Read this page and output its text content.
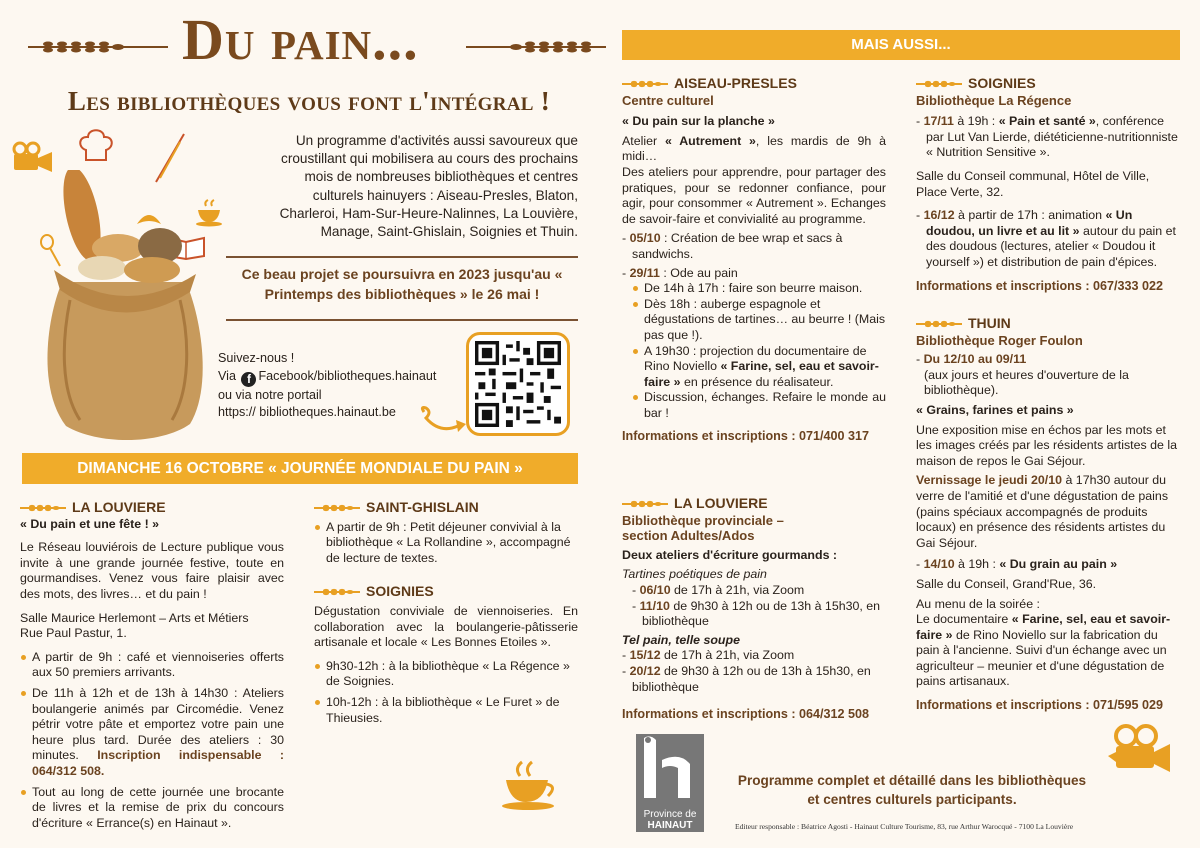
Du pain...
Les bibliothèques vous font l'intégral !
Un programme d'activités aussi savoureux que croustillant qui mobilisera au cours des prochains mois de nombreuses bibliothèques et centres culturels hainuyers : Aiseau-Presles, Blaton, Charleroi, Ham-Sur-Heure-Nalinnes, La Louvière, Manage, Saint-Ghislain, Soignies et Thuin.
Ce beau projet se poursuivra en 2023 jusqu'au « Printemps des bibliothèques » le 26 mai !
Suivez-nous !
Via f Facebook/bibliotheques.hainaut
ou via notre portail
https:// bibliotheques.hainaut.be
DIMANCHE 16 OCTOBRE « JOURNÉE MONDIALE DU PAIN »
LA LOUVIERE
« Du pain et une fête ! »
Le Réseau louviérois de Lecture publique vous invite à une grande journée festive, toute en gourmandises. Venez vous faire plaisir avec des mots, des livres… et du pain !
Salle Maurice Herlemont – Arts et Métiers
Rue Paul Pastur, 1.
A partir de 9h : café et viennoiseries offerts aux 50 premiers arrivants.
De 11h à 12h et de 13h à 14h30 : Ateliers boulangerie animés par Circomédie. Venez pétrir votre pâte et emportez votre pain une heure plus tard. Durée des ateliers : 30 minutes. Inscription indispensable : 064/312 508.
Tout au long de cette journée une brocante de livres et la remise de prix du concours d'écriture « Errance(s) en Hainaut ».
SAINT-GHISLAIN
A partir de 9h : Petit déjeuner convivial à la bibliothèque « La Rollandine », accompagné de lecture de textes.
SOIGNIES
Dégustation conviviale de viennoiseries. En collaboration avec la boulangerie-pâtisserie artisanale et locale « Les Bonnes Etoiles ».
9h30-12h : à la bibliothèque « La Régence » de Soignies.
10h-12h : à la bibliothèque « Le Furet » de Thieusies.
MAIS AUSSI...
AISEAU-PRESLES
Centre culturel
« Du pain sur la planche »
Atelier « Autrement », les mardis de 9h à midi…
Des ateliers pour apprendre, pour partager des pratiques, pour se redonner confiance, pour agir, pour consommer « Autrement ». Echanges de savoir-faire et convivialité au programme.
- 05/10 : Création de bee wrap et sacs à sandwichs.
- 29/11 : Ode au pain
De 14h à 17h : faire son beurre maison.
Dès 18h : auberge espagnole et dégustations de tartines… au beurre ! (Mais pas que !).
A 19h30 : projection du documentaire de Rino Noviello « Farine, sel, eau et savoir-faire » en présence du réalisateur.
Discussion, échanges. Refaire le monde au bar !
Informations et inscriptions : 071/400 317
LA LOUVIERE
Bibliothèque provinciale –
section Adultes/Ados
Deux ateliers d'écriture gourmands :
Tartines poétiques de pain
- 06/10 de 17h à 21h, via Zoom
- 11/10 de 9h30 à 12h ou de 13h à 15h30, en bibliothèque
Tel pain, telle soupe
- 15/12 de 17h à 21h, via Zoom
- 20/12 de 9h30 à 12h ou de 13h à 15h30, en bibliothèque
Informations et inscriptions : 064/312 508
SOIGNIES
Bibliothèque La Régence
- 17/11 à 19h : « Pain et santé », conférence par Lut Van Lierde, diététicienne-nutritionniste « Nutrition Sensitive ».
Salle du Conseil communal, Hôtel de Ville, Place Verte, 32.
- 16/12 à partir de 17h : animation « Un doudou, un livre et au lit » autour du pain et des doudous (lectures, atelier « Doudou it yourself ») et distribution de pain d'épices.
Informations et inscriptions : 067/333 022
THUIN
Bibliothèque Roger Foulon
- Du 12/10 au 09/11
(aux jours et heures d'ouverture de la bibliothèque).
« Grains, farines et pains »
Une exposition mise en échos par les mots et les images créés par les résidents artistes de la maison de repos le Gai Séjour.
Vernissage le jeudi 20/10 à 17h30 autour du verre de l'amitié et d'une dégustation de pains (pains spéciaux accompagnés de produits locaux) en présence des résidents artistes du Gai Séjour.
- 14/10 à 19h : « Du grain au pain »
Salle du Conseil, Grand'Rue, 36.
Au menu de la soirée :
Le documentaire « Farine, sel, eau et savoir-faire » de Rino Noviello sur la fabrication du pain à l'ancienne. Suivi d'un échange avec un agriculteur – meunier et d'une dégustation de pains artisanaux.
Informations et inscriptions : 071/595 029
Province de
HAINAUT
Programme complet et détaillé dans les bibliothèques
et centres culturels participants.
Editeur responsable : Béatrice Agosti - Hainaut Culture Tourisme, 83, rue Arthur Warocqué - 7100 La Louvière
